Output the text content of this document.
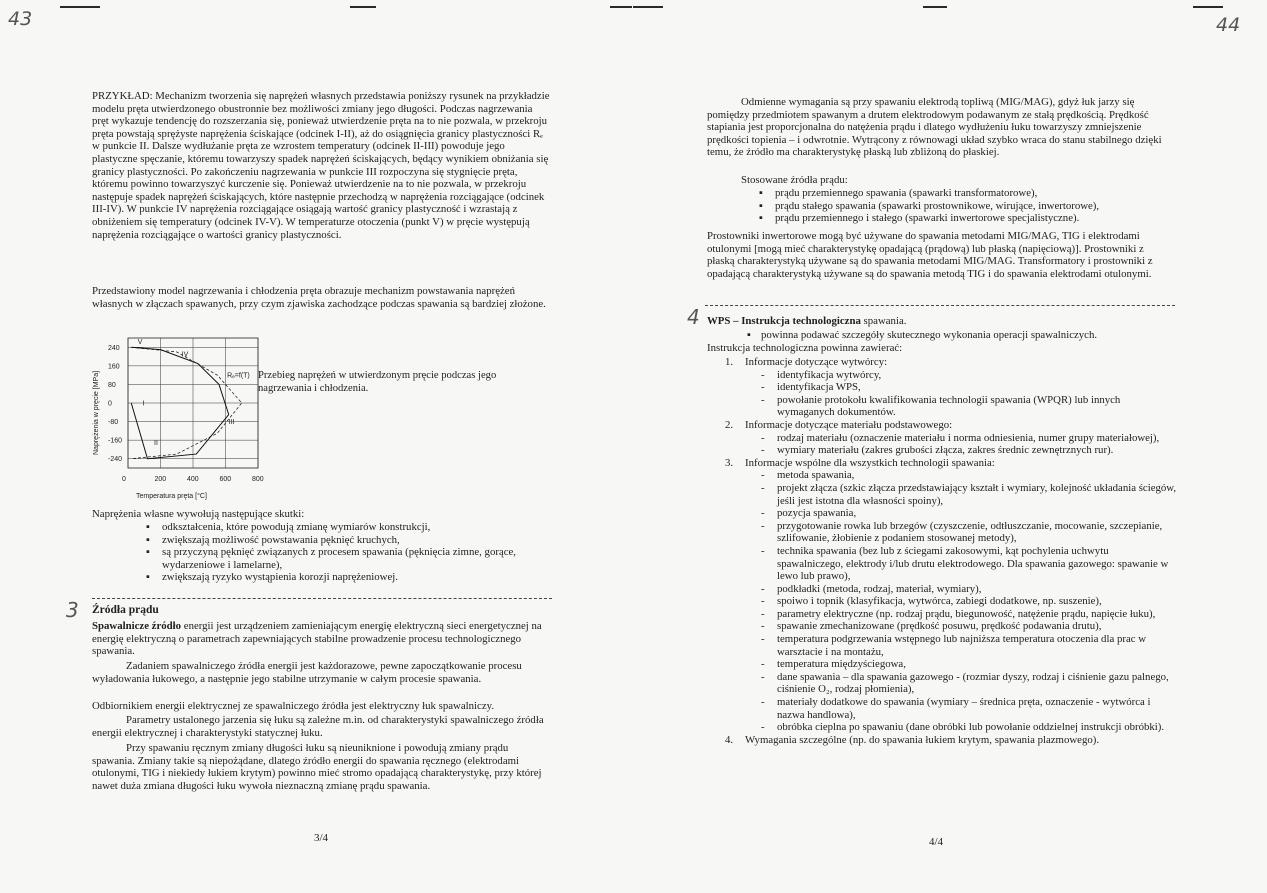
43

PRZYKŁAD: Mechanizm tworzenia się naprężeń własnych przedstawia poniższy rysunek na przykładzie modelu pręta utwierdzonego obustronnie bez możliwości zmiany jego długości. Podczas nagrzewania pręt wykazuje tendencję do rozszerzania się, ponieważ utwierdzenie pręta na to nie pozwala, w przekroju pręta powstają sprężyste naprężenia ściskające (odcinek I-II), aż do osiągnięcia granicy plastyczności Rₑ w punkcie II. Dalsze wydłużanie pręta ze wzrostem temperatury (odcinek II-III) powoduje jego plastyczne spęczanie, któremu towarzyszy spadek naprężeń ściskających, będący wynikiem obniżania się granicy plastyczności. Po zakończeniu nagrzewania w punkcie III rozpoczyna się stygnięcie pręta, któremu powinno towarzyszyć kurczenie się. Ponieważ utwierdzenie na to nie pozwala, w przekroju następuje spadek naprężeń ściskających, które następnie przechodzą w naprężenia rozciągające (odcinek III-IV). W punkcie IV naprężenia rozciągające osiągają wartość granicy plastyczność i wzrastają z obniżeniem się temperatury (odcinek IV-V). W temperaturze otoczenia (punkt V) w pręcie występują naprężenia rozciągające o wartości granicy plastyczności.

Przedstawiony model nagrzewania i chłodzenia pręta obrazuje mechanizm powstawania naprężeń własnych w złączach spawanych, przy czym zjawiska zachodzące podczas spawania są bardziej złożone.

Naprężenia w pręcie [MPa]
0	200	400	600	800
240
160
80
0
-80
-160
-240
I
II
III
IV
V
Rₑ=f(T)
Temperatura pręta [°C]
Przebieg naprężeń w utwierdzonym pręcie podczas jego nagrzewania i chłodzenia.

Naprężenia własne wywołują następujące skutki:

▪ odkształcenia, które powodują zmianę wymiarów konstrukcji,
▪ zwiększają możliwość powstawania pęknięć kruchych,
▪ są przyczyną pęknięć związanych z procesem spawania (pęknięcia zimne, gorące, wydarzeniowe i lamelarne),
▪ zwiększają ryzyko wystąpienia korozji naprężeniowej.
3 Źródła prądu

Spawalnicze źródło energii jest urządzeniem zamieniającym energię elektryczną sieci energetycznej na energię elektryczną o parametrach zapewniających stabilne prowadzenie procesu technologicznego spawania.

Zadaniem spawalniczego źródła energii jest każdorazowe, pewne zapoczątkowanie procesu wyładowania łukowego, a następnie jego stabilne utrzymanie w całym procesie spawania.

Odbiornikiem energii elektrycznej ze spawalniczego źródła jest elektryczny łuk spawalniczy.

Parametry ustalonego jarzenia się łuku są zależne m.in. od charakterystyki spawalniczego źródła energii elektrycznej i charakterystyki statycznej łuku.

Przy spawaniu ręcznym zmiany długości łuku są nieuniknione i powodują zmiany prądu spawania. Zmiany takie są niepożądane, dlatego źródło energii do spawania ręcznego (elektrodami otulonymi, TIG i niekiedy łukiem krytym) powinno mieć stromo opadającą charakterystykę, przy której nawet duża zmiana długości łuku wywoła nieznaczną zmianę prądu spawania.

3/4
44

Odmienne wymagania są przy spawaniu elektrodą topliwą (MIG/MAG), gdyż łuk jarzy się pomiędzy przedmiotem spawanym a drutem elektrodowym podawanym ze stałą prędkością. Prędkość stapiania jest proporcjonalna do natężenia prądu i dlatego wydłużeniu łuku towarzyszy zmniejszenie prędkości topienia – i odwrotnie. Wytrącony z równowagi układ szybko wraca do stanu stabilnego dzięki temu, że źródło ma charakterystykę płaską lub zbliżoną do płaskiej.

Stosowane źródła prądu:

▪ prądu przemiennego spawania (spawarki transformatorowe),
▪ prądu stałego spawania (spawarki prostownikowe, wirujące, inwertorowe),
▪ prądu przemiennego i stałego (spawarki inwertorowe specjalistyczne).

Prostowniki inwertorowe mogą być używane do spawania metodami MIG/MAG, TIG i elektrodami otulonymi [mogą mieć charakterystykę opadającą (prądową) lub płaską (napięciową)]. Prostowniki z płaską charakterystyką używane są do spawania metodami MIG/MAG. Transformatory i prostowniki z opadającą charakterystyką używane są do spawania metodą TIG i do spawania elektrodami otulonymi.

4 WPS – Instrukcja technologiczna spawania.
▪ powinna podawać szczegóły skutecznego wykonania operacji spawalniczych.

Instrukcja technologiczna powinna zawierać:

1. Informacje dotyczące wytwórcy:
- identyfikacja wytwórcy,
- identyfikacja WPS,
- powołanie protokołu kwalifikowania technologii spawania (WPQR) lub innych wymaganych dokumentów.
2. Informacje dotyczące materiału podstawowego:
- rodzaj materiału (oznaczenie materiału i norma odniesienia, numer grupy materiałowej),
- wymiary materiału (zakres grubości złącza, zakres średnic zewnętrznych rur).
3. Informacje wspólne dla wszystkich technologii spawania:
- metoda spawania,
- projekt złącza (szkic złącza przedstawiający kształt i wymiary, kolejność układania ściegów, jeśli jest istotna dla własności spoiny),
- pozycja spawania,
- przygotowanie rowka lub brzegów (czyszczenie, odtłuszczanie, mocowanie, szczepianie, szlifowanie, żłobienie z podaniem stosowanej metody),
- technika spawania (bez lub z ściegami zakosowymi, kąt pochylenia uchwytu spawalniczego, elektrody i/lub drutu elektrodowego. Dla spawania gazowego: spawanie w lewo lub prawo),
- podkładki (metoda, rodzaj, materiał, wymiary),
- spoiwo i topnik (klasyfikacja, wytwórca, zabiegi dodatkowe, np. suszenie),
- parametry elektryczne (np. rodzaj prądu, biegunowość, natężenie prądu, napięcie łuku),
- spawanie zmechanizowane (prędkość posuwu, prędkość podawania drutu),
- temperatura podgrzewania wstępnego lub najniższa temperatura otoczenia dla prac w warsztacie i na montażu,
- temperatura międzyściegowa,
- dane spawania – dla spawania gazowego - (rozmiar dyszy, rodzaj i ciśnienie gazu palnego, ciśnienie O₂, rodzaj płomienia),
- materiały dodatkowe do spawania (wymiary – średnica pręta, oznaczenie - wytwórca i nazwa handlowa),
- obróbka cieplna po spawaniu (dane obróbki lub powołanie oddzielnej instrukcji obróbki).
4. Wymagania szczególne (np. do spawania łukiem krytym, spawania plazmowego).
4/4
